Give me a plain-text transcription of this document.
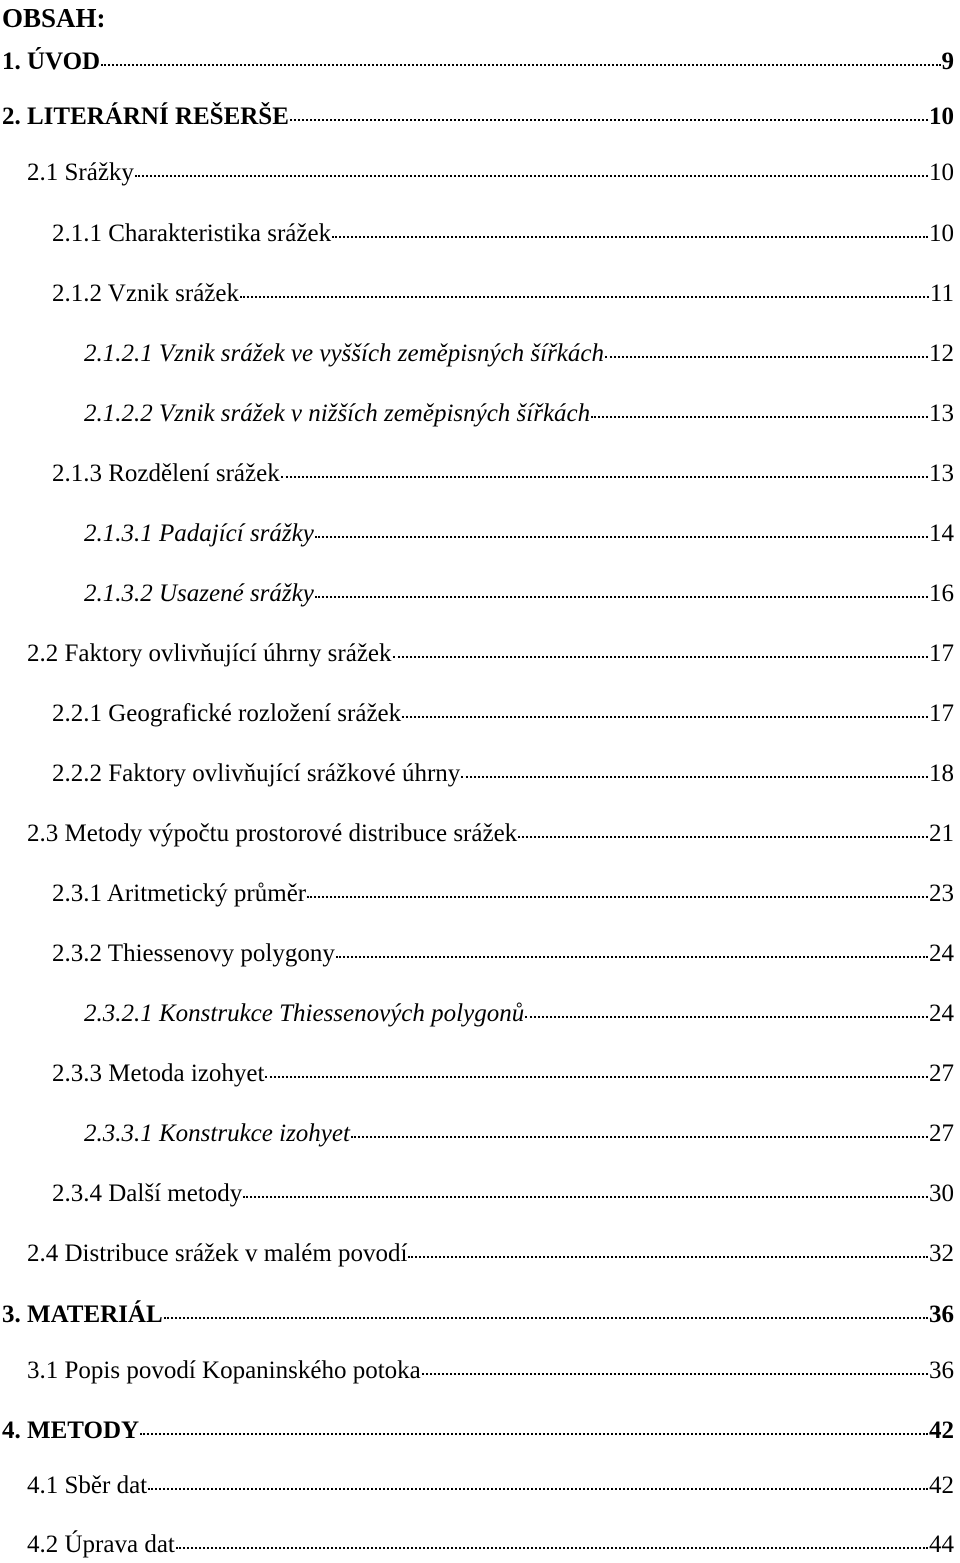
OBSAH:
1. ÚVOD	9
2. LITERÁRNÍ REŠERŠE	10
2.1 Srážky	10
2.1.1 Charakteristika srážek	10
2.1.2 Vznik srážek	11
2.1.2.1 Vznik srážek ve vyšších zeměpisných šířkách	12
2.1.2.2 Vznik srážek v nižších zeměpisných šířkách	13
2.1.3 Rozdělení srážek	13
2.1.3.1 Padající srážky	14
2.1.3.2 Usazené srážky	16
2.2 Faktory ovlivňující úhrny srážek	17
2.2.1 Geografické rozložení srážek	17
2.2.2 Faktory ovlivňující srážkové úhrny	18
2.3 Metody výpočtu prostorové distribuce srážek	21
2.3.1 Aritmetický průměr	23
2.3.2 Thiessenovy polygony	24
2.3.2.1 Konstrukce Thiessenových polygonů	24
2.3.3 Metoda izohyet	27
2.3.3.1 Konstrukce izohyet	27
2.3.4 Další metody	30
2.4 Distribuce srážek v malém povodí	32
3. MATERIÁL	36
3.1 Popis povodí Kopaninského potoka	36
4. METODY	42
4.1 Sběr dat	42
4.2 Úprava dat	44
